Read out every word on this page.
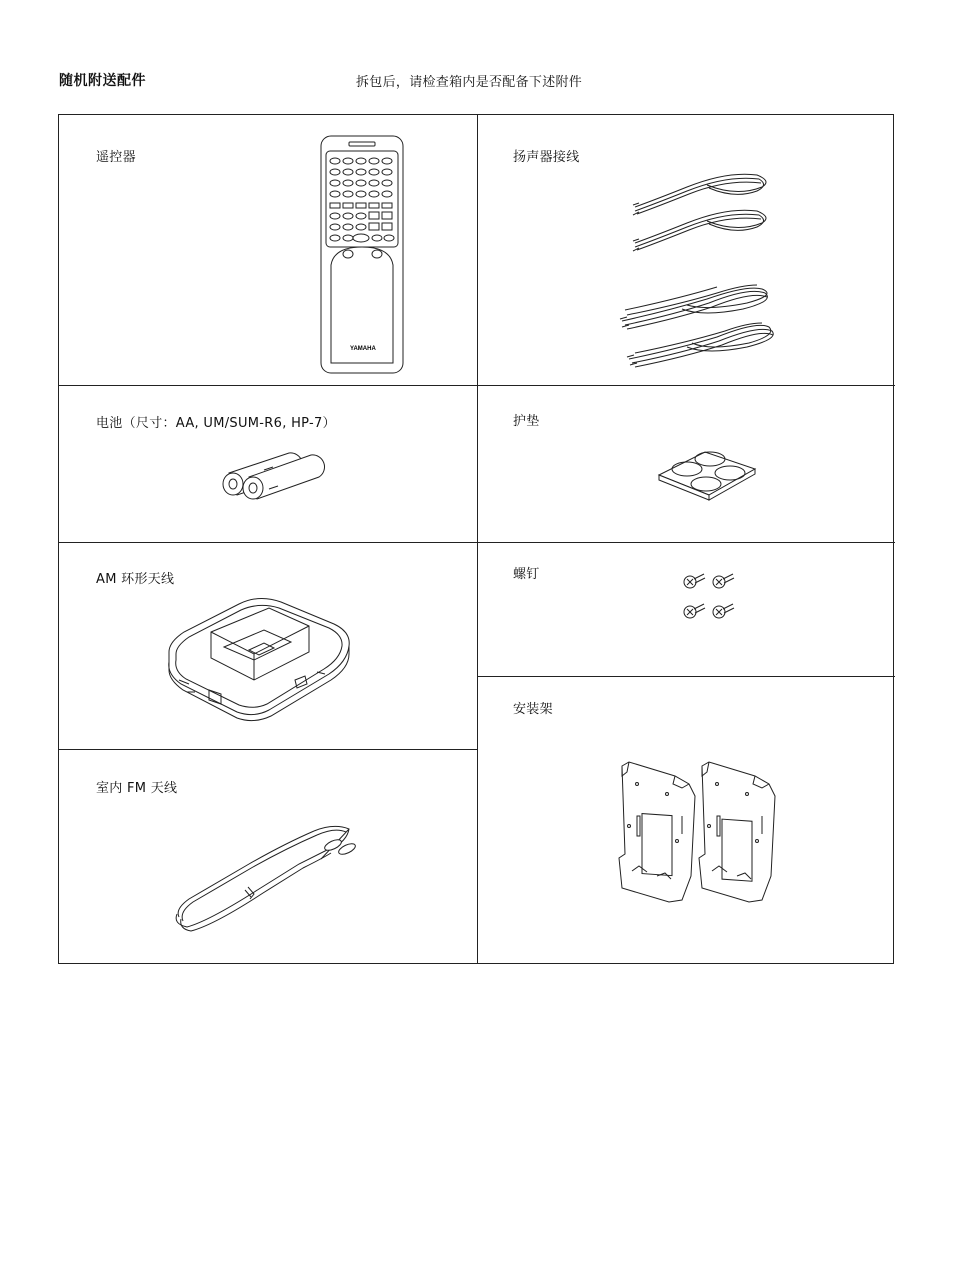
随机附送配件	拆包后，请检查箱内是否配备下述附件
遥控器
YAMAHA
扬声器接线
电池（尺寸：AA, UM/SUM-R6, HP-7）	护垫
AM 环形天线	螺钉
室内 FM 天线
安装架
